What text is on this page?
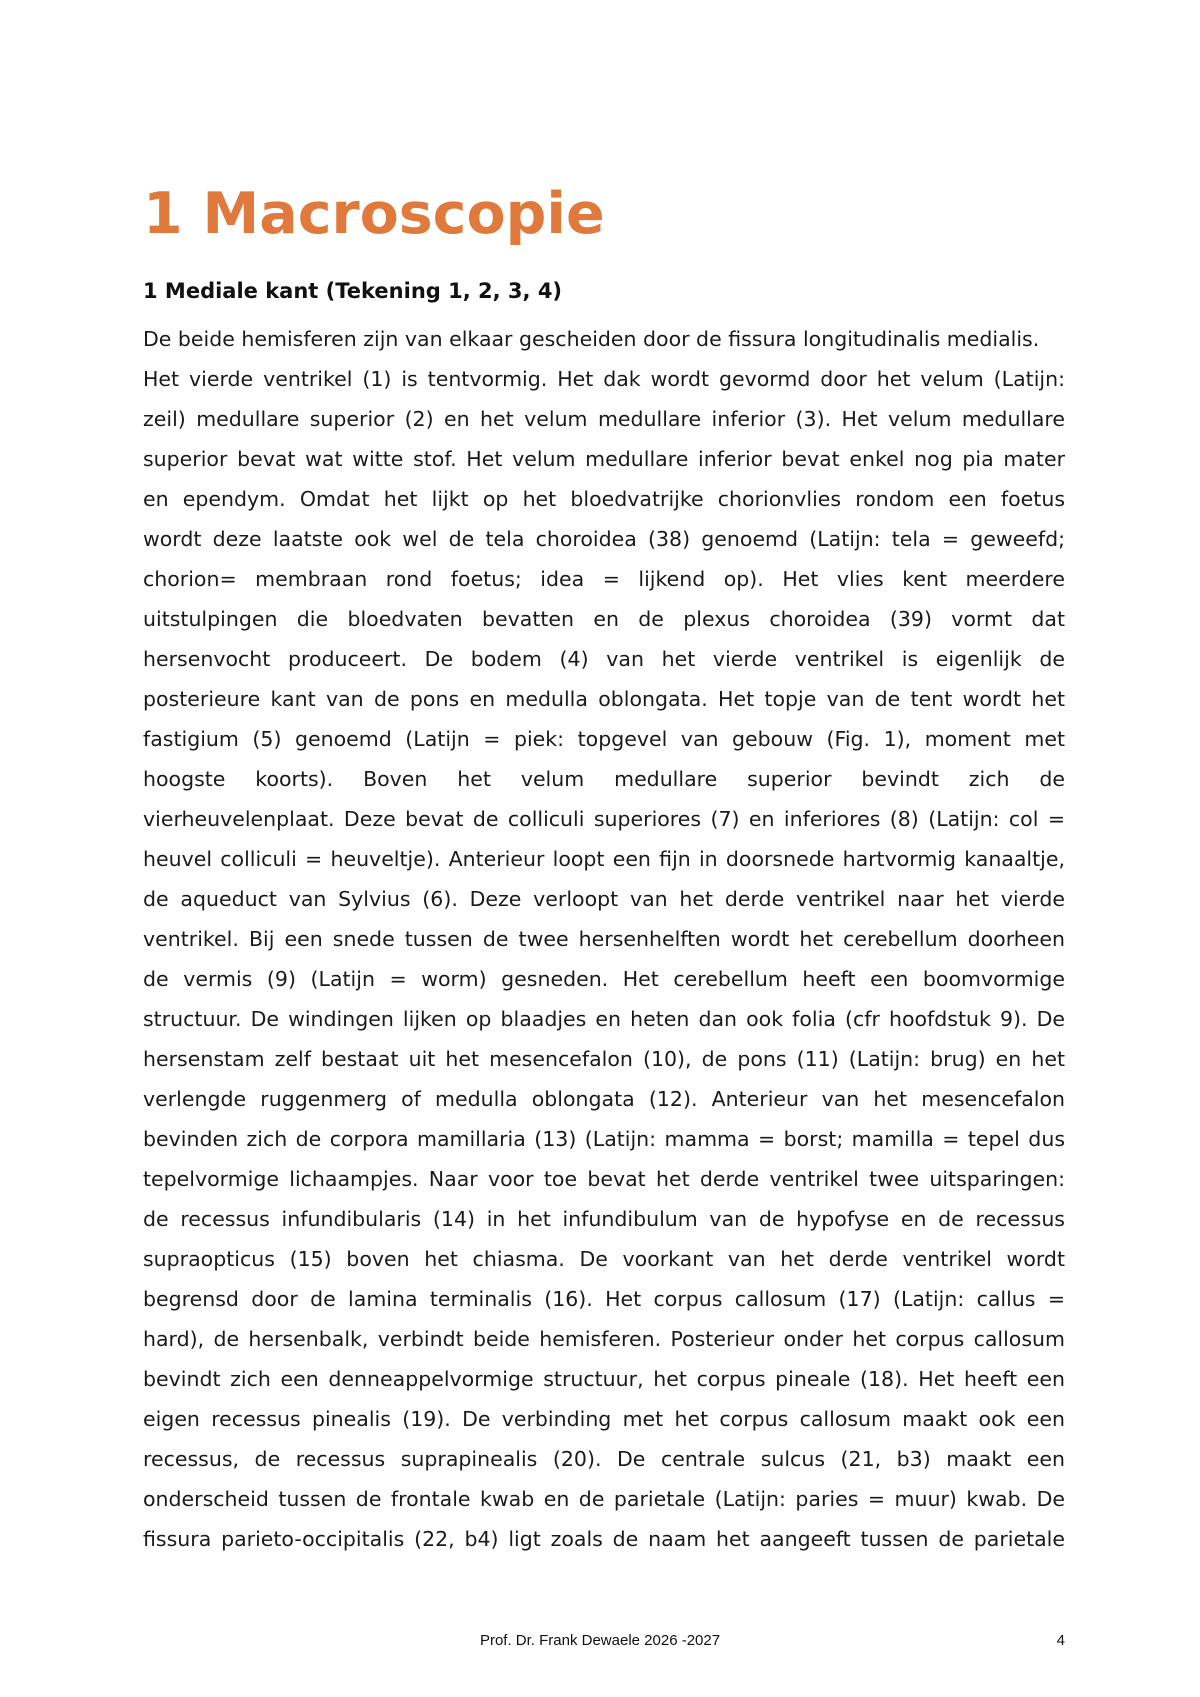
1 Macroscopie
1 Mediale kant (Tekening 1, 2, 3, 4)
De beide hemisferen zijn van elkaar gescheiden door de fissura longitudinalis medialis.
Het vierde ventrikel (1) is tentvormig. Het dak wordt gevormd door het velum (Latijn:
zeil) medullare superior (2) en het velum medullare inferior (3). Het velum medullare
superior bevat wat witte stof. Het velum medullare inferior bevat enkel nog pia mater
en ependym. Omdat het lijkt op het bloedvatrijke chorionvlies rondom een foetus
wordt deze laatste ook wel de tela choroidea (38) genoemd (Latijn: tela = geweefd;
chorion= membraan rond foetus; idea = lijkend op). Het vlies kent meerdere
uitstulpingen die bloedvaten bevatten en de plexus choroidea (39) vormt dat
hersenvocht produceert. De bodem (4) van het vierde ventrikel is eigenlijk de
posterieure kant van de pons en medulla oblongata. Het topje van de tent wordt het
fastigium (5) genoemd (Latijn = piek: topgevel van gebouw (Fig. 1), moment met
hoogste koorts). Boven het velum medullare superior bevindt zich de
vierheuvelenplaat. Deze bevat de colliculi superiores (7) en inferiores (8) (Latijn: col =
heuvel colliculi = heuveltje). Anterieur loopt een fijn in doorsnede hartvormig kanaaltje,
de aqueduct van Sylvius (6). Deze verloopt van het derde ventrikel naar het vierde
ventrikel. Bij een snede tussen de twee hersenhelften wordt het cerebellum doorheen
de vermis (9) (Latijn = worm) gesneden. Het cerebellum heeft een boomvormige
structuur. De windingen lijken op blaadjes en heten dan ook folia (cfr hoofdstuk 9). De
hersenstam zelf bestaat uit het mesencefalon (10), de pons (11) (Latijn: brug) en het
verlengde ruggenmerg of medulla oblongata (12). Anterieur van het mesencefalon
bevinden zich de corpora mamillaria (13) (Latijn: mamma = borst; mamilla = tepel dus
tepelvormige lichaampjes. Naar voor toe bevat het derde ventrikel twee uitsparingen:
de recessus infundibularis (14) in het infundibulum van de hypofyse en de recessus
supraopticus (15) boven het chiasma. De voorkant van het derde ventrikel wordt
begrensd door de lamina terminalis (16). Het corpus callosum (17) (Latijn: callus =
hard), de hersenbalk, verbindt beide hemisferen. Posterieur onder het corpus callosum
bevindt zich een denneappelvormige structuur, het corpus pineale (18). Het heeft een
eigen recessus pinealis (19). De verbinding met het corpus callosum maakt ook een
recessus, de recessus suprapinealis (20). De centrale sulcus (21, b3) maakt een
onderscheid tussen de frontale kwab en de parietale (Latijn: paries = muur) kwab. De
fissura parieto-occipitalis (22, b4) ligt zoals de naam het aangeeft tussen de parietale
Prof. Dr. Frank Dewaele 2026 -2027	4
